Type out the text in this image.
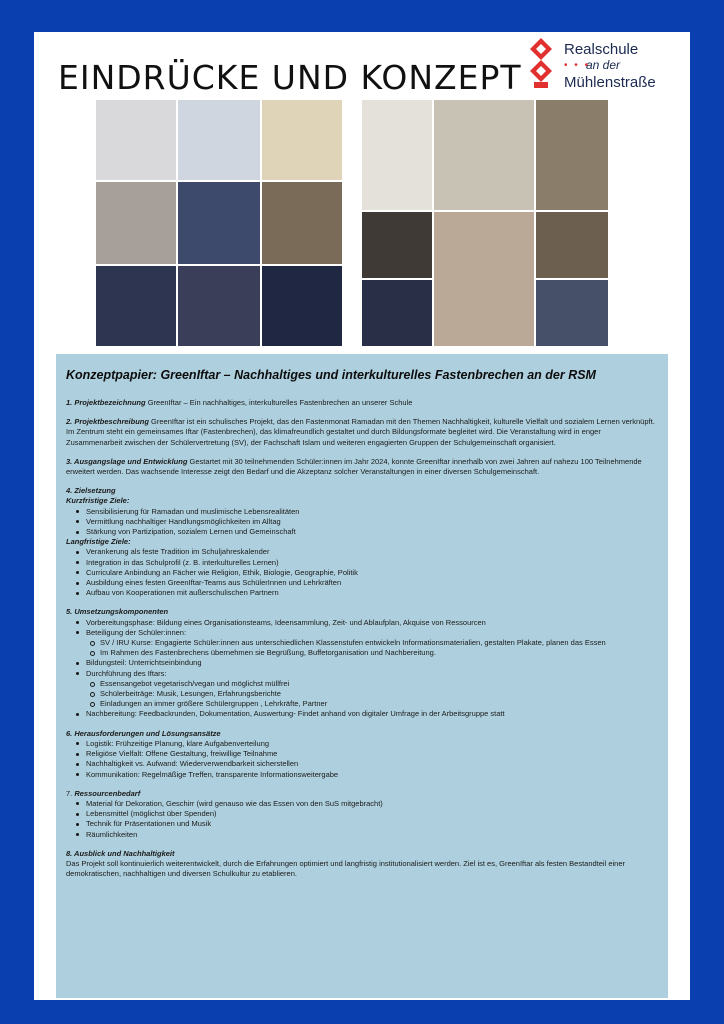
EINDRÜCKE UND KONZEPT
Realschule
• • •
an der
Mühlenstraße
Konzeptpapier: GreenIftar – Nachhaltiges und interkulturelles Fastenbrechen an der RSM
1. Projektbezeichnung GreenIftar – Ein nachhaltiges, interkulturelles Fastenbrechen an unserer Schule
2. Projektbeschreibung GreenIftar ist ein schulisches Projekt, das den Fastenmonat Ramadan mit den Themen Nachhaltigkeit, kulturelle Vielfalt und sozialem Lernen verknüpft. Im Zentrum steht ein gemeinsames Iftar (Fastenbrechen), das klimafreundlich gestaltet und durch Bildungsformate begleitet wird. Die Veranstaltung wird in enger Zusammenarbeit zwischen der Schülervertretung (SV), der Fachschaft Islam und weiteren engagierten Gruppen der Schulgemeinschaft organisiert.
3. Ausgangslage und Entwicklung Gestartet mit 30 teilnehmenden Schüler:innen im Jahr 2024, konnte GreenIftar innerhalb von zwei Jahren auf nahezu 100 Teilnehmende erweitert werden. Das wachsende Interesse zeigt den Bedarf und die Akzeptanz solcher Veranstaltungen in einer diversen Schulgemeinschaft.
4. Zielsetzung
Kurzfristige Ziele:
Sensibilisierung für Ramadan und muslimische Lebensrealitäten
Vermittlung nachhaltiger Handlungsmöglichkeiten im Alltag
Stärkung von Partizipation, sozialem Lernen und Gemeinschaft
Langfristige Ziele:
Verankerung als feste Tradition im Schuljahreskalender
Integration in das Schulprofil (z. B. interkulturelles Lernen)
Curriculare Anbindung an Fächer wie Religion, Ethik, Biologie, Geographie, Politik
Ausbildung eines festen GreenIftar-Teams aus SchülerInnen und Lehrkräften
Aufbau von Kooperationen mit außerschulischen Partnern
5. Umsetzungskomponenten
Vorbereitungsphase: Bildung eines Organisationsteams, Ideensammlung, Zeit- und Ablaufplan, Akquise von Ressourcen
Beteiligung der Schüler:innen:
SV / IRU Kurse: Engagierte Schüler:innen aus unterschiedlichen Klassenstufen entwickeln Informationsmaterialien, gestalten Plakate, planen das Essen
Im Rahmen des Fastenbrechens übernehmen sie Begrüßung, Buffetorganisation und Nachbereitung.
Bildungsteil: Unterrichtseinbindung
Durchführung des Iftars:
Essensangebot vegetarisch/vegan und möglichst müllfrei
Schülerbeiträge: Musik, Lesungen, Erfahrungsberichte
Einladungen an immer größere Schülergruppen , Lehrkräfte, Partner
Nachbereitung: Feedbackrunden, Dokumentation, Auswertung- Findet anhand von digitaler Umfrage in der Arbeitsgruppe statt
6. Herausforderungen und Lösungsansätze
Logistik: Frühzeitige Planung, klare Aufgabenverteilung
Religiöse Vielfalt: Offene Gestaltung, freiwillige Teilnahme
Nachhaltigkeit vs. Aufwand: Wiederverwendbarkeit sicherstellen
Kommunikation: Regelmäßige Treffen, transparente Informationsweitergabe
7. Ressourcenbedarf
Material für Dekoration, Geschirr (wird genauso wie das Essen von den SuS mitgebracht)
Lebensmittel (möglichst über Spenden)
Technik für Präsentationen und Musik
Räumlichkeiten
8. Ausblick und Nachhaltigkeit
Das Projekt soll kontinuierlich weiterentwickelt, durch die Erfahrungen optimiert und langfristig institutionalisiert werden. Ziel ist es, GreenIftar als festen Bestandteil einer demokratischen, nachhaltigen und diversen Schulkultur zu etablieren.
